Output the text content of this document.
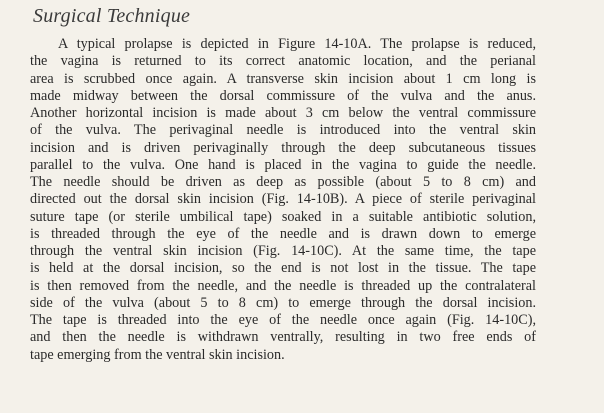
Surgical Technique
A typical prolapse is depicted in Figure 14-10A. The prolapse is reduced,
the vagina is returned to its correct anatomic location, and the perianal
area is scrubbed once again. A transverse skin incision about 1 cm long is
made midway between the dorsal commissure of the vulva and the anus.
Another horizontal incision is made about 3 cm below the ventral commissure
of the vulva. The perivaginal needle is introduced into the ventral skin
incision and is driven perivaginally through the deep subcutaneous tissues
parallel to the vulva. One hand is placed in the vagina to guide the needle.
The needle should be driven as deep as possible (about 5 to 8 cm) and
directed out the dorsal skin incision (Fig. 14-10B). A piece of sterile perivaginal
suture tape (or sterile umbilical tape) soaked in a suitable antibiotic solution,
is threaded through the eye of the needle and is drawn down to emerge
through the ventral skin incision (Fig. 14-10C). At the same time, the tape
is held at the dorsal incision, so the end is not lost in the tissue. The tape
is then removed from the needle, and the needle is threaded up the contralateral
side of the vulva (about 5 to 8 cm) to emerge through the dorsal incision.
The tape is threaded into the eye of the needle once again (Fig. 14-10C),
and then the needle is withdrawn ventrally, resulting in two free ends of
tape emerging from the ventral skin incision.
